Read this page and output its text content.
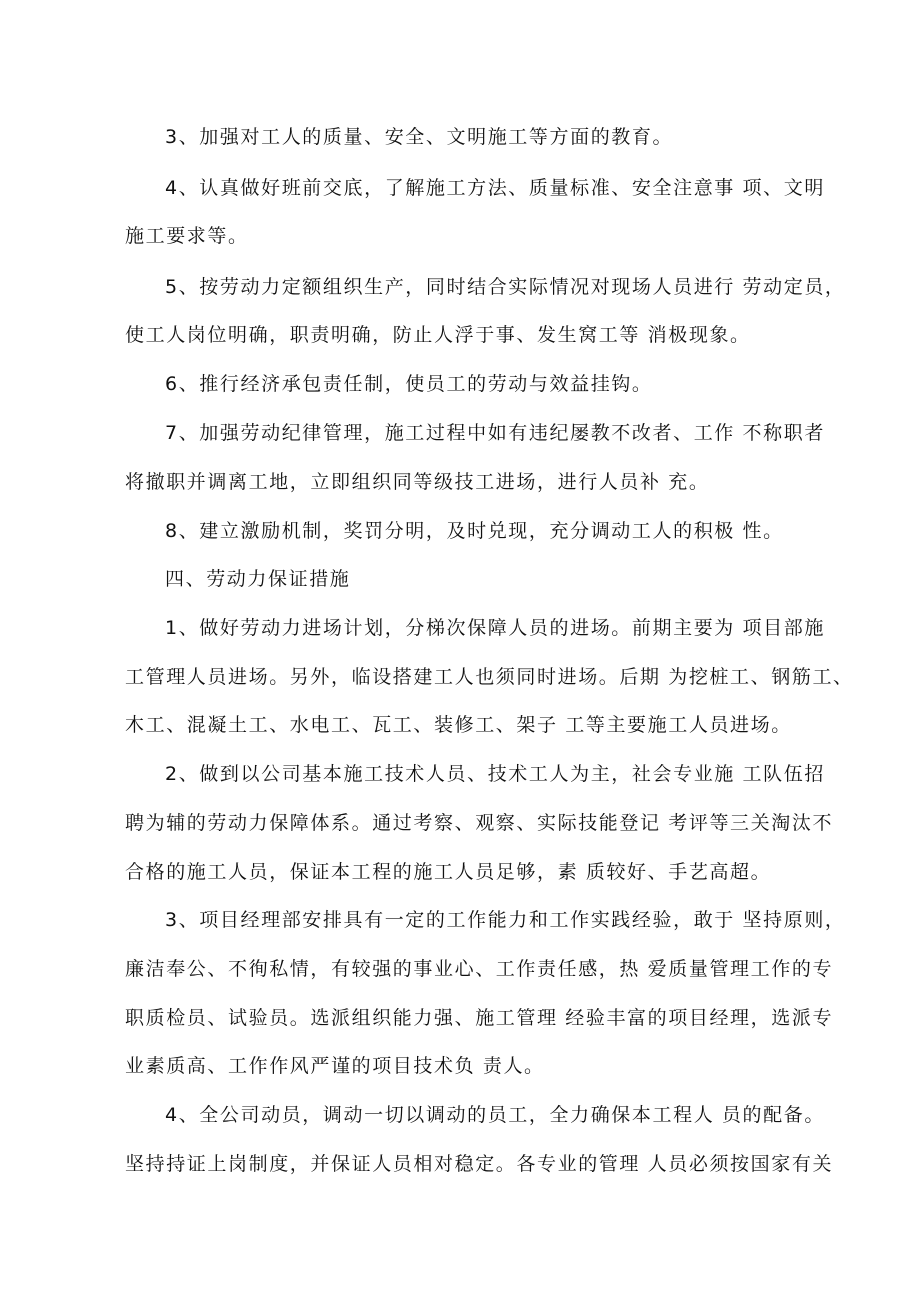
3、加强对工人的质量、安全、文明施工等方面的教育。
4、认真做好班前交底，了解施工方法、质量标准、安全注意事 项、文明
施工要求等。
5、按劳动力定额组织生产，同时结合实际情况对现场人员进行 劳动定员，
使工人岗位明确，职责明确，防止人浮于事、发生窝工等 消极现象。
6、推行经济承包责任制，使员工的劳动与效益挂钩。
7、加强劳动纪律管理，施工过程中如有违纪屡教不改者、工作 不称职者
将撤职并调离工地，立即组织同等级技工进场，进行人员补 充。
8、建立激励机制，奖罚分明，及时兑现，充分调动工人的积极 性。
四、劳动力保证措施
1、做好劳动力进场计划，分梯次保障人员的进场。前期主要为 项目部施
工管理人员进场。另外，临设搭建工人也须同时进场。后期 为挖桩工、钢筋工、
木工、混凝土工、水电工、瓦工、装修工、架子 工等主要施工人员进场。
2、做到以公司基本施工技术人员、技术工人为主，社会专业施 工队伍招
聘为辅的劳动力保障体系。通过考察、观察、实际技能登记 考评等三关淘汰不
合格的施工人员，保证本工程的施工人员足够，素 质较好、手艺高超。
3、项目经理部安排具有一定的工作能力和工作实践经验，敢于 坚持原则，
廉洁奉公、不徇私情，有较强的事业心、工作责任感，热 爱质量管理工作的专
职质检员、试验员。选派组织能力强、施工管理 经验丰富的项目经理，选派专
业素质高、工作作风严谨的项目技术负 责人。
4、全公司动员，调动一切以调动的员工，全力确保本工程人 员的配备。
坚持持证上岗制度，并保证人员相对稳定。各专业的管理 人员必须按国家有关
